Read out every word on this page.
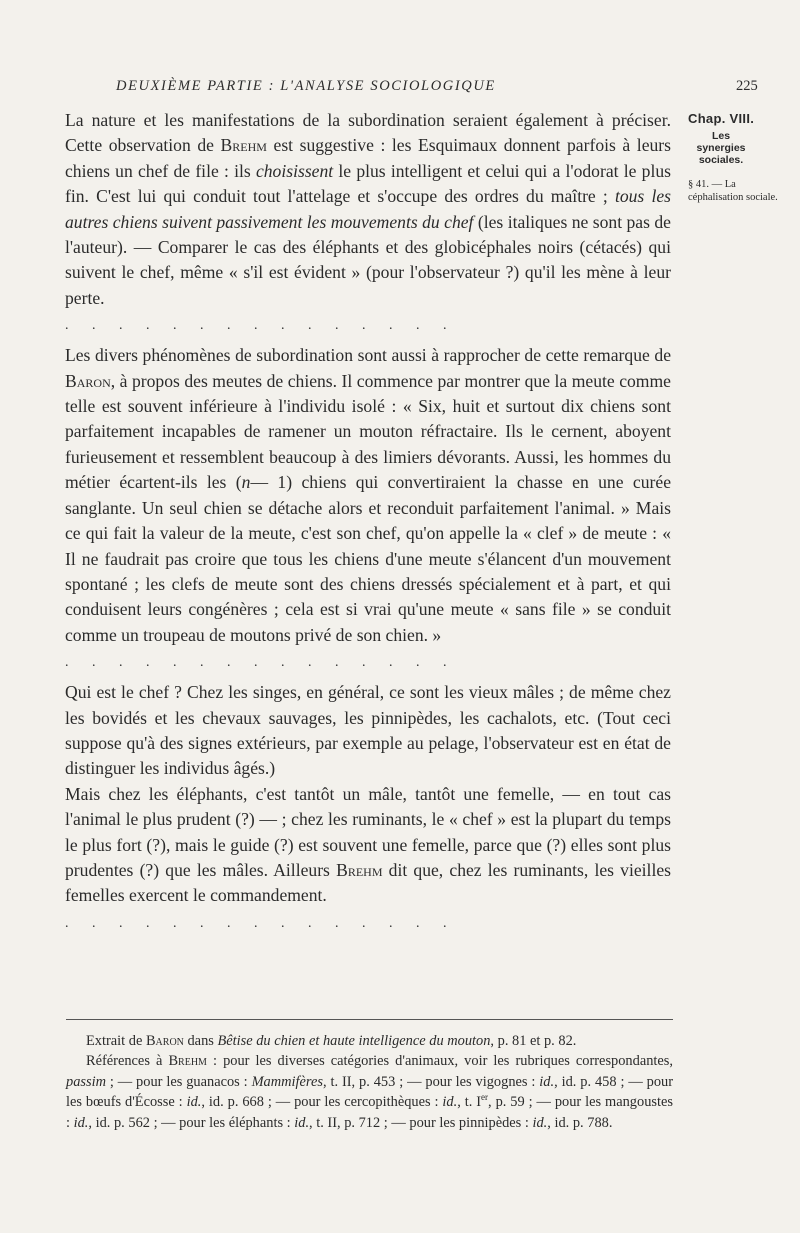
DEUXIÈME PARTIE : L'ANALYSE SOCIOLOGIQUE	225
Chap. VIII.
Les synergies sociales.
§ 41. — La céphalisation sociale.

La nature et les manifestations de la subordination seraient également à préciser. Cette observation de Brehm est suggestive : les Esquimaux donnent parfois à leurs chiens un chef de file : ils choisissent le plus intelligent et celui qui a l'odorat le plus fin. C'est lui qui conduit tout l'attelage et s'occupe des ordres du maître ; tous les autres chiens suivent passivement les mouvements du chef (les italiques ne sont pas de l'auteur). — Comparer le cas des éléphants et des globicéphales noirs (cétacés) qui suivent le chef, même « s'il est évident » (pour l'observateur ?) qu'il les mène à leur perte.

. . . . . . . . . . . . . . .

Les divers phénomènes de subordination sont aussi à rapprocher de cette remarque de Baron, à propos des meutes de chiens. Il commence par montrer que la meute comme telle est souvent inférieure à l'individu isolé : « Six, huit et surtout dix chiens sont parfaitement incapables de ramener un mouton réfractaire. Ils le cernent, aboyent furieusement et ressemblent beaucoup à des limiers dévorants. Aussi, les hommes du métier écartent-ils les (n— 1) chiens qui convertiraient la chasse en une curée sanglante. Un seul chien se détache alors et reconduit parfaitement l'animal. » Mais ce qui fait la valeur de la meute, c'est son chef, qu'on appelle la « clef » de meute : « Il ne faudrait pas croire que tous les chiens d'une meute s'élancent d'un mouvement spontané ; les clefs de meute sont des chiens dressés spécialement et à part, et qui conduisent leurs congénères ; cela est si vrai qu'une meute « sans file » se conduit comme un troupeau de moutons privé de son chien. »

. . . . . . . . . . . . . . .

Qui est le chef ? Chez les singes, en général, ce sont les vieux mâles ; de même chez les bovidés et les chevaux sauvages, les pinnipèdes, les cachalots, etc. (Tout ceci suppose qu'à des signes extérieurs, par exemple au pelage, l'observateur est en état de distinguer les individus âgés.)

Mais chez les éléphants, c'est tantôt un mâle, tantôt une femelle, — en tout cas l'animal le plus prudent (?) — ; chez les ruminants, le « chef » est la plupart du temps le plus fort (?), mais le guide (?) est souvent une femelle, parce que (?) elles sont plus prudentes (?) que les mâles. Ailleurs Brehm dit que, chez les ruminants, les vieilles femelles exercent le commandement.

. . . . . . . . . . . . . . .

Extrait de Baron dans Bêtise du chien et haute intelligence du mouton, p. 81 et p. 82.

Références à Brehm : pour les diverses catégories d'animaux, voir les rubriques correspondantes, passim ; — pour les guanacos : Mammifères, t. II, p. 453 ; — pour les vigognes : id., id. p. 458 ; — pour les bœufs d'Écosse : id., id. p. 668 ; — pour les cercopithèques : id., t. Ier, p. 59 ; — pour les mangoustes : id., id. p. 562 ; — pour les éléphants : id., t. II, p. 712 ; — pour les pinnipèdes : id., id. p. 788.
